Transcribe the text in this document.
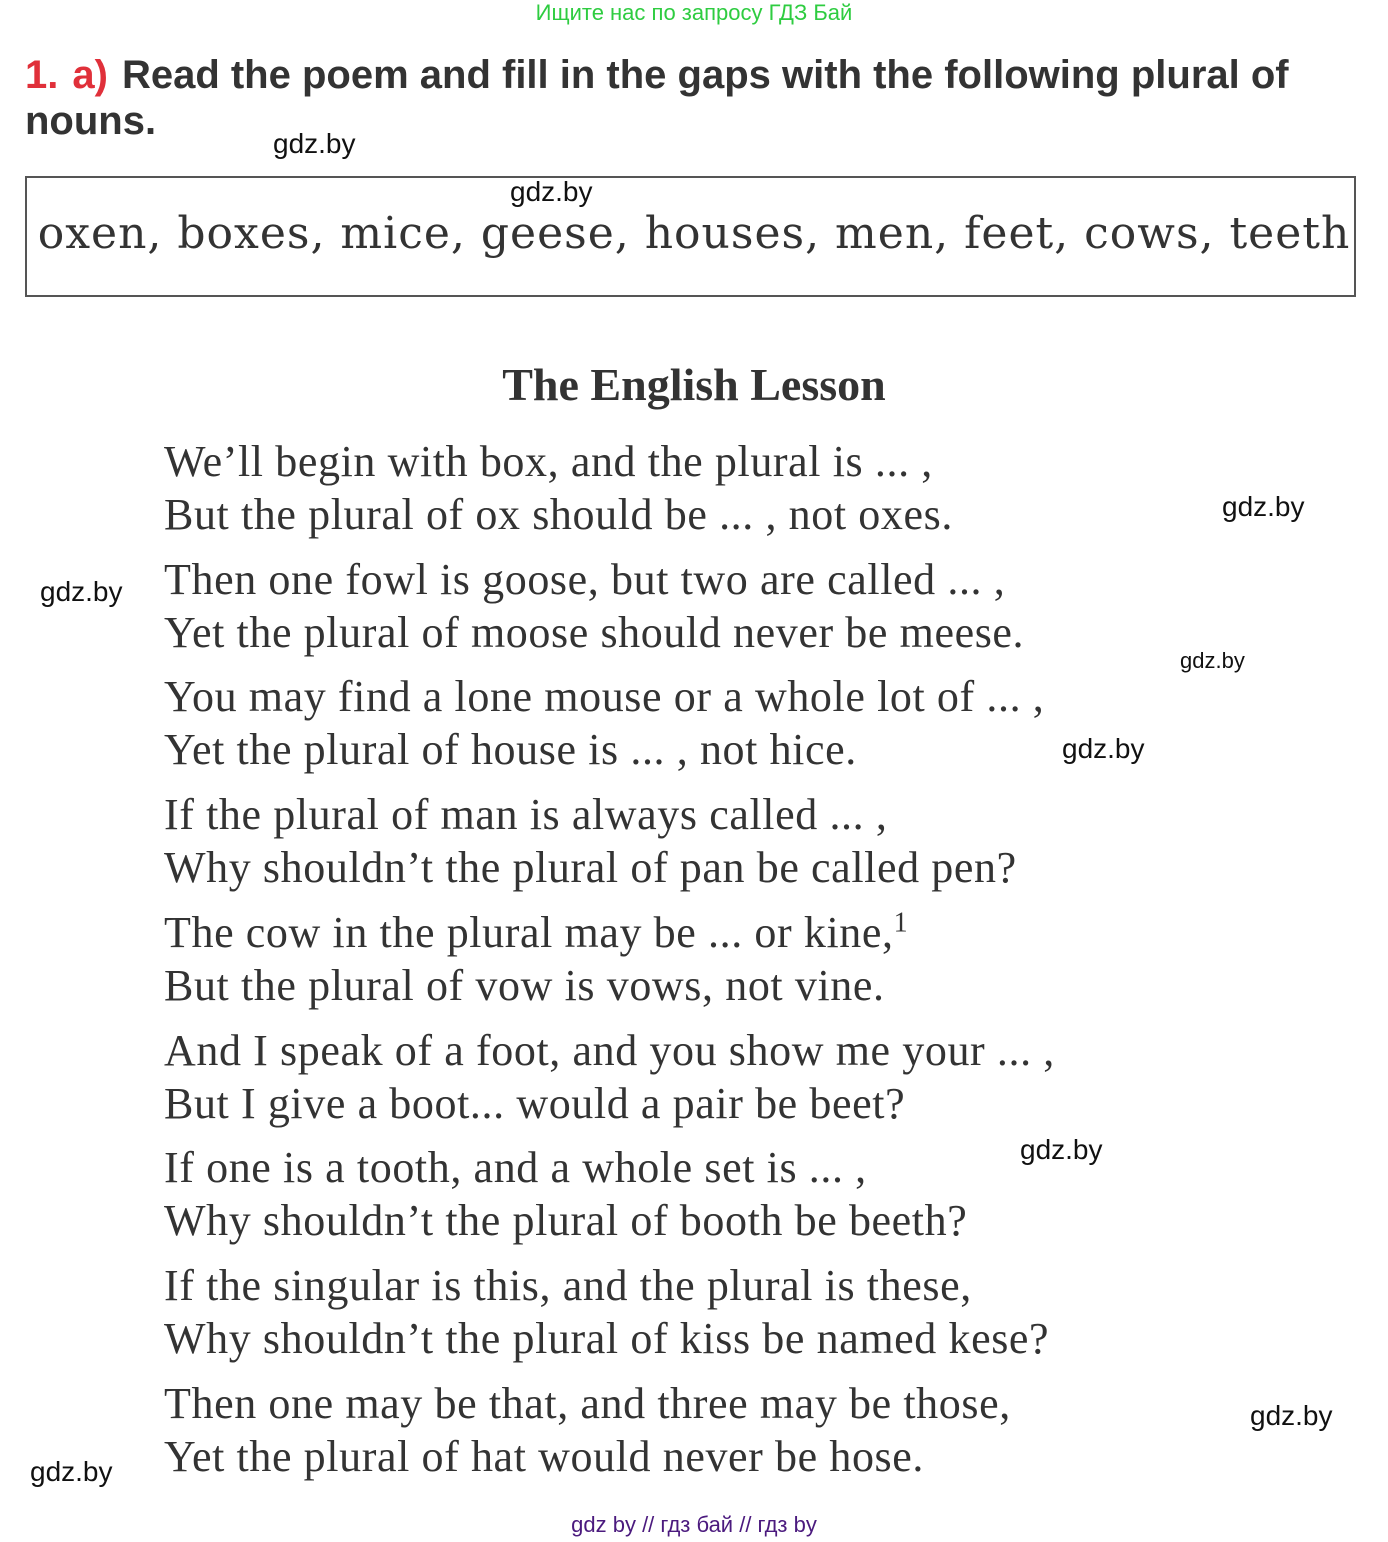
Ищите нас по запросу ГДЗ Бай
1. a) Read the poem and fill in the gaps with the following plural of nouns.
oxen, boxes, mice, geese, houses, men, feet, cows, teeth
The English Lesson
We’ll begin with box, and the plural is ... ,
But the plural of ox should be ... , not oxes.
Then one fowl is goose, but two are called ... ,
Yet the plural of moose should never be meese.
You may find a lone mouse or a whole lot of ... ,
Yet the plural of house is ... , not hice.
If the plural of man is always called ... ,
Why shouldn’t the plural of pan be called pen?
The cow in the plural may be ... or kine,$^1$
But the plural of vow is vows, not vine.
And I speak of a foot, and you show me your ... ,
But I give a boot... would a pair be beet?
If one is a tooth, and a whole set is ... ,
Why shouldn’t the plural of booth be beeth?
If the singular is this, and the plural is these,
Why shouldn’t the plural of kiss be named kese?
Then one may be that, and three may be those,
Yet the plural of hat would never be hose.
gdz.by
gdz.by
gdz.by
gdz.by
gdz.by
gdz.by
gdz.by
gdz.by
gdz.by
gdz by // гдз бай // гдз by
